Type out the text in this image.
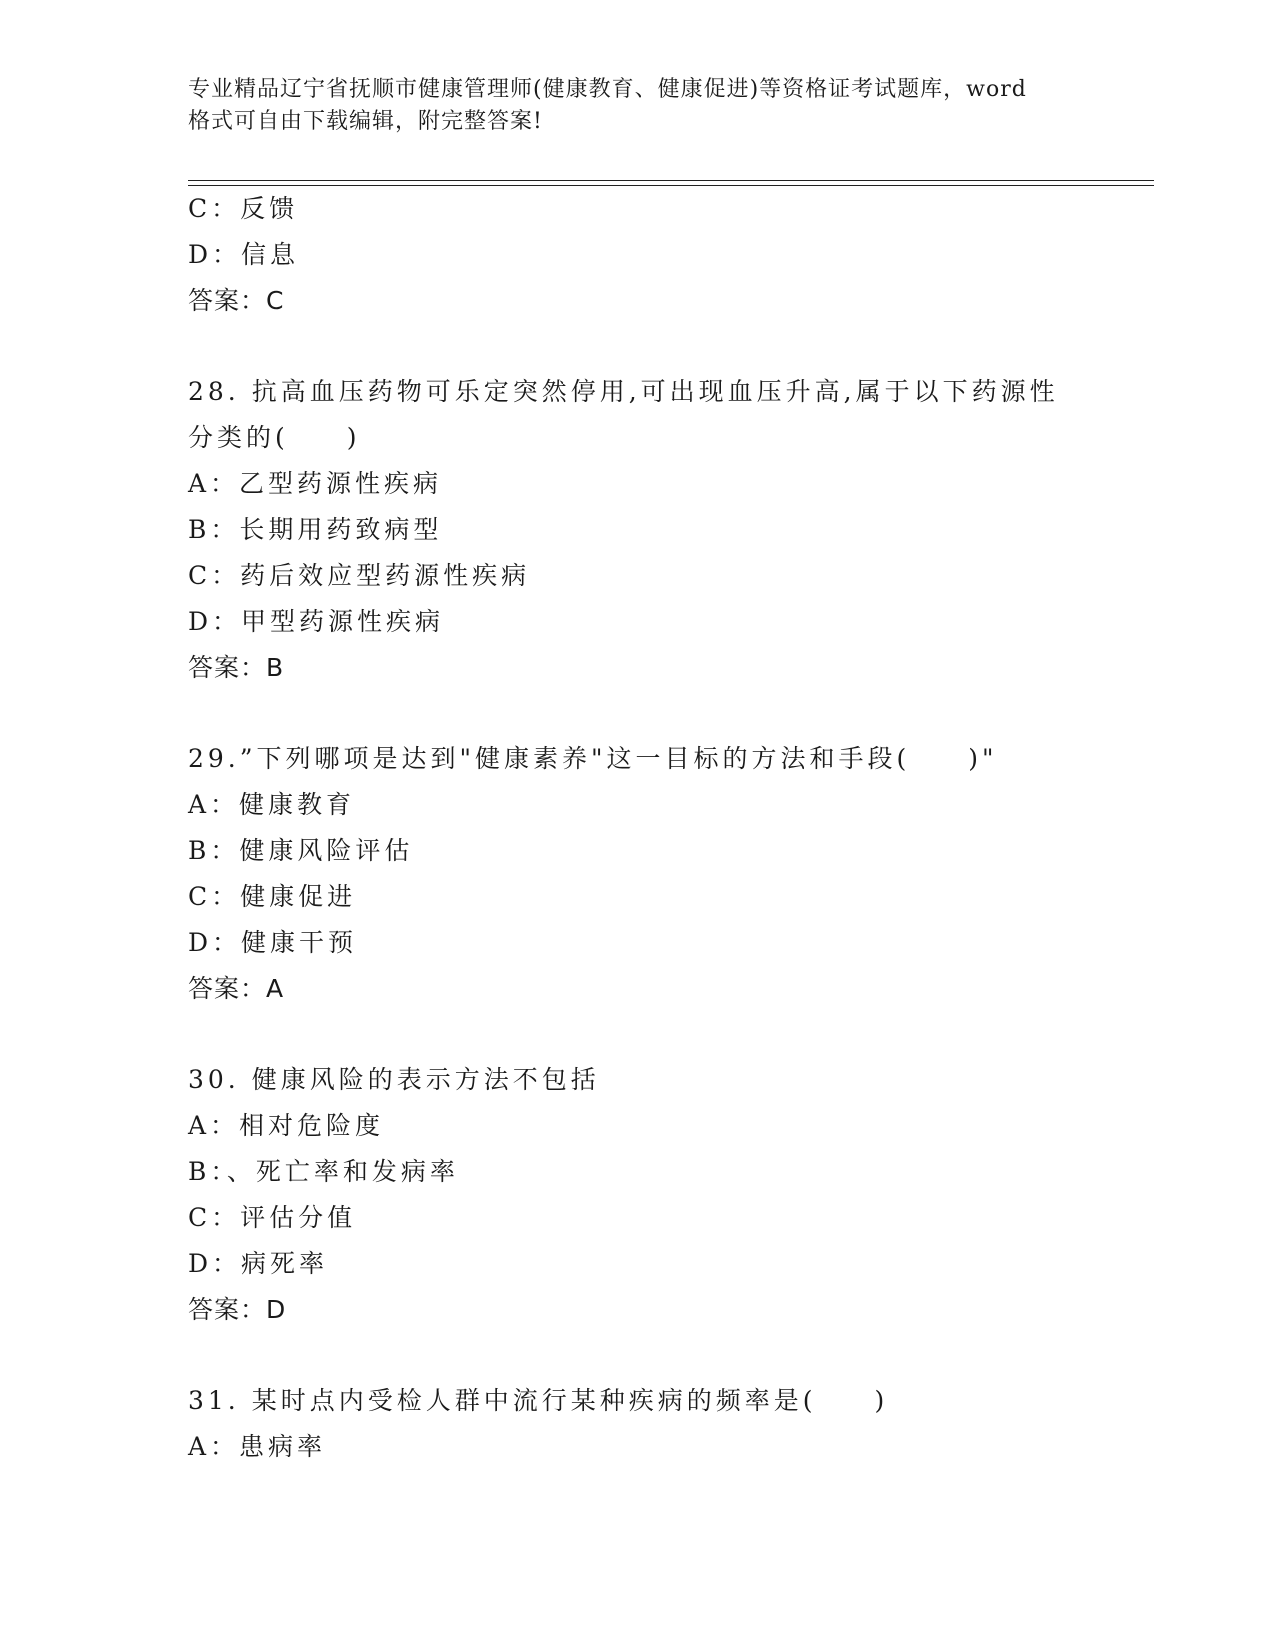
专业精品辽宁省抚顺市健康管理师(健康教育、健康促进)等资格证考试题库，word
格式可自由下载编辑，附完整答案!
C：反馈
D：信息
答案：C
28. 抗高血压药物可乐定突然停用,可出现血压升高,属于以下药源性
分类的(　　)
A：乙型药源性疾病
B：长期用药致病型
C：药后效应型药源性疾病
D：甲型药源性疾病
答案：B
29.”下列哪项是达到"健康素养"这一目标的方法和手段(　　)"
A：健康教育
B：健康风险评估
C：健康促进
D：健康干预
答案：A
30. 健康风险的表示方法不包括
A：相对危险度
B：、死亡率和发病率
C：评估分值
D：病死率
答案：D
31. 某时点内受检人群中流行某种疾病的频率是(　　)
A：患病率
